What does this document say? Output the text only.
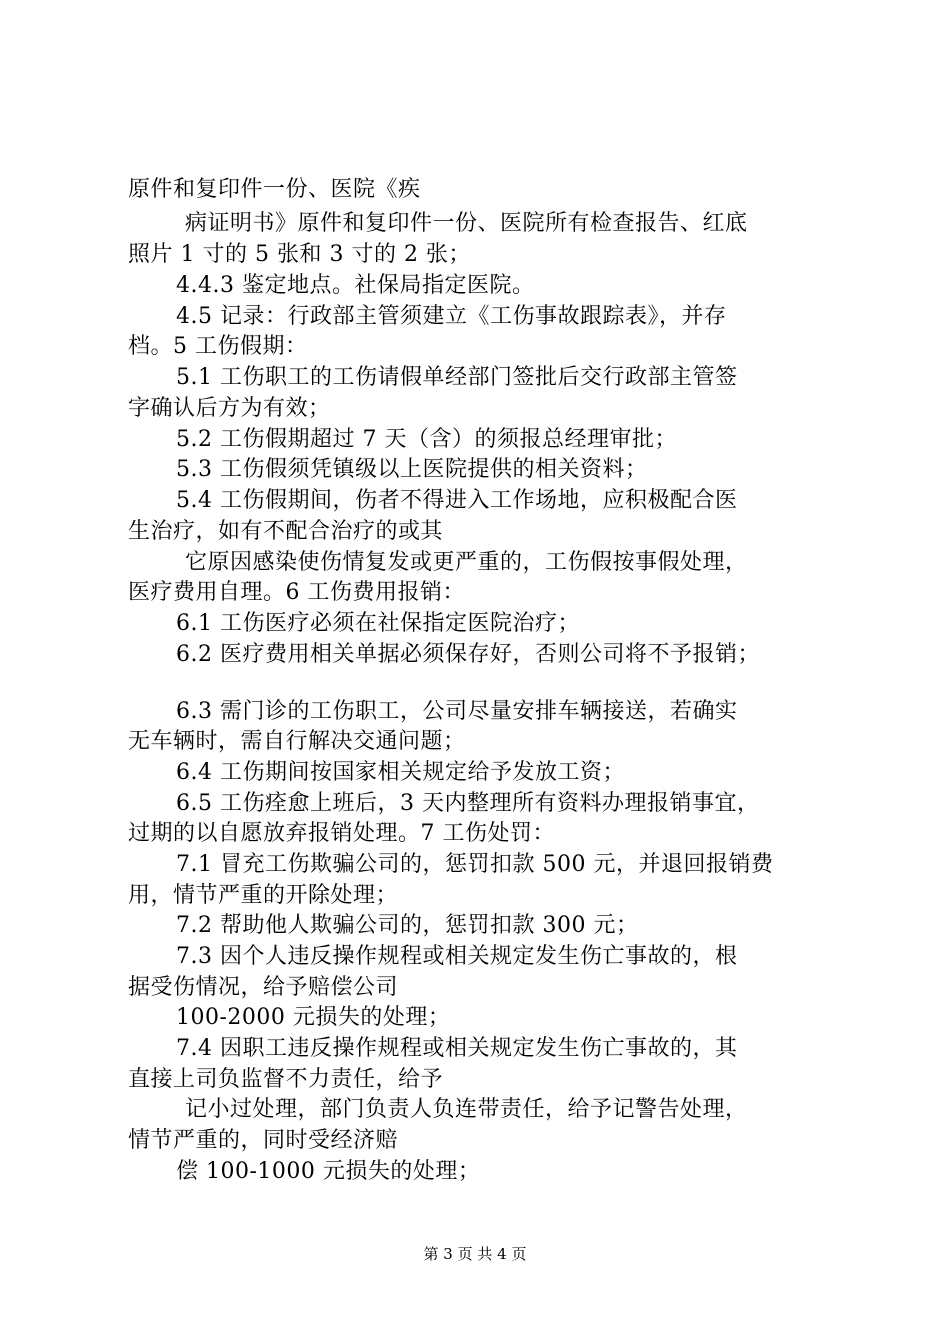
原件和复印件一份、医院《疾
病证明书》原件和复印件一份、医院所有检查报告、红底
照片 1 寸的 5 张和 3 寸的 2 张；
4.4.3 鉴定地点。社保局指定医院。
4.5 记录：行政部主管须建立《工伤事故跟踪表》，并存
档。5 工伤假期：
5.1 工伤职工的工伤请假单经部门签批后交行政部主管签
字确认后方为有效；
5.2 工伤假期超过 7 天（含）的须报总经理审批；
5.3 工伤假须凭镇级以上医院提供的相关资料；
5.4 工伤假期间，伤者不得进入工作场地，应积极配合医
生治疗，如有不配合治疗的或其
它原因感染使伤情复发或更严重的，工伤假按事假处理，
医疗费用自理。6 工伤费用报销：
6.1 工伤医疗必须在社保指定医院治疗；
6.2 医疗费用相关单据必须保存好，否则公司将不予报销；
6.3 需门诊的工伤职工，公司尽量安排车辆接送，若确实
无车辆时，需自行解决交通问题；
6.4 工伤期间按国家相关规定给予发放工资；
6.5 工伤痊愈上班后，3 天内整理所有资料办理报销事宜，
过期的以自愿放弃报销处理。7 工伤处罚：
7.1 冒充工伤欺骗公司的，惩罚扣款 500 元，并退回报销费
用，情节严重的开除处理；
7.2 帮助他人欺骗公司的，惩罚扣款 300 元；
7.3 因个人违反操作规程或相关规定发生伤亡事故的，根
据受伤情况，给予赔偿公司
100-2000 元损失的处理；
7.4 因职工违反操作规程或相关规定发生伤亡事故的，其
直接上司负监督不力责任，给予
记小过处理，部门负责人负连带责任，给予记警告处理，
情节严重的，同时受经济赔
偿 100-1000 元损失的处理；
第 3 页 共 4 页
